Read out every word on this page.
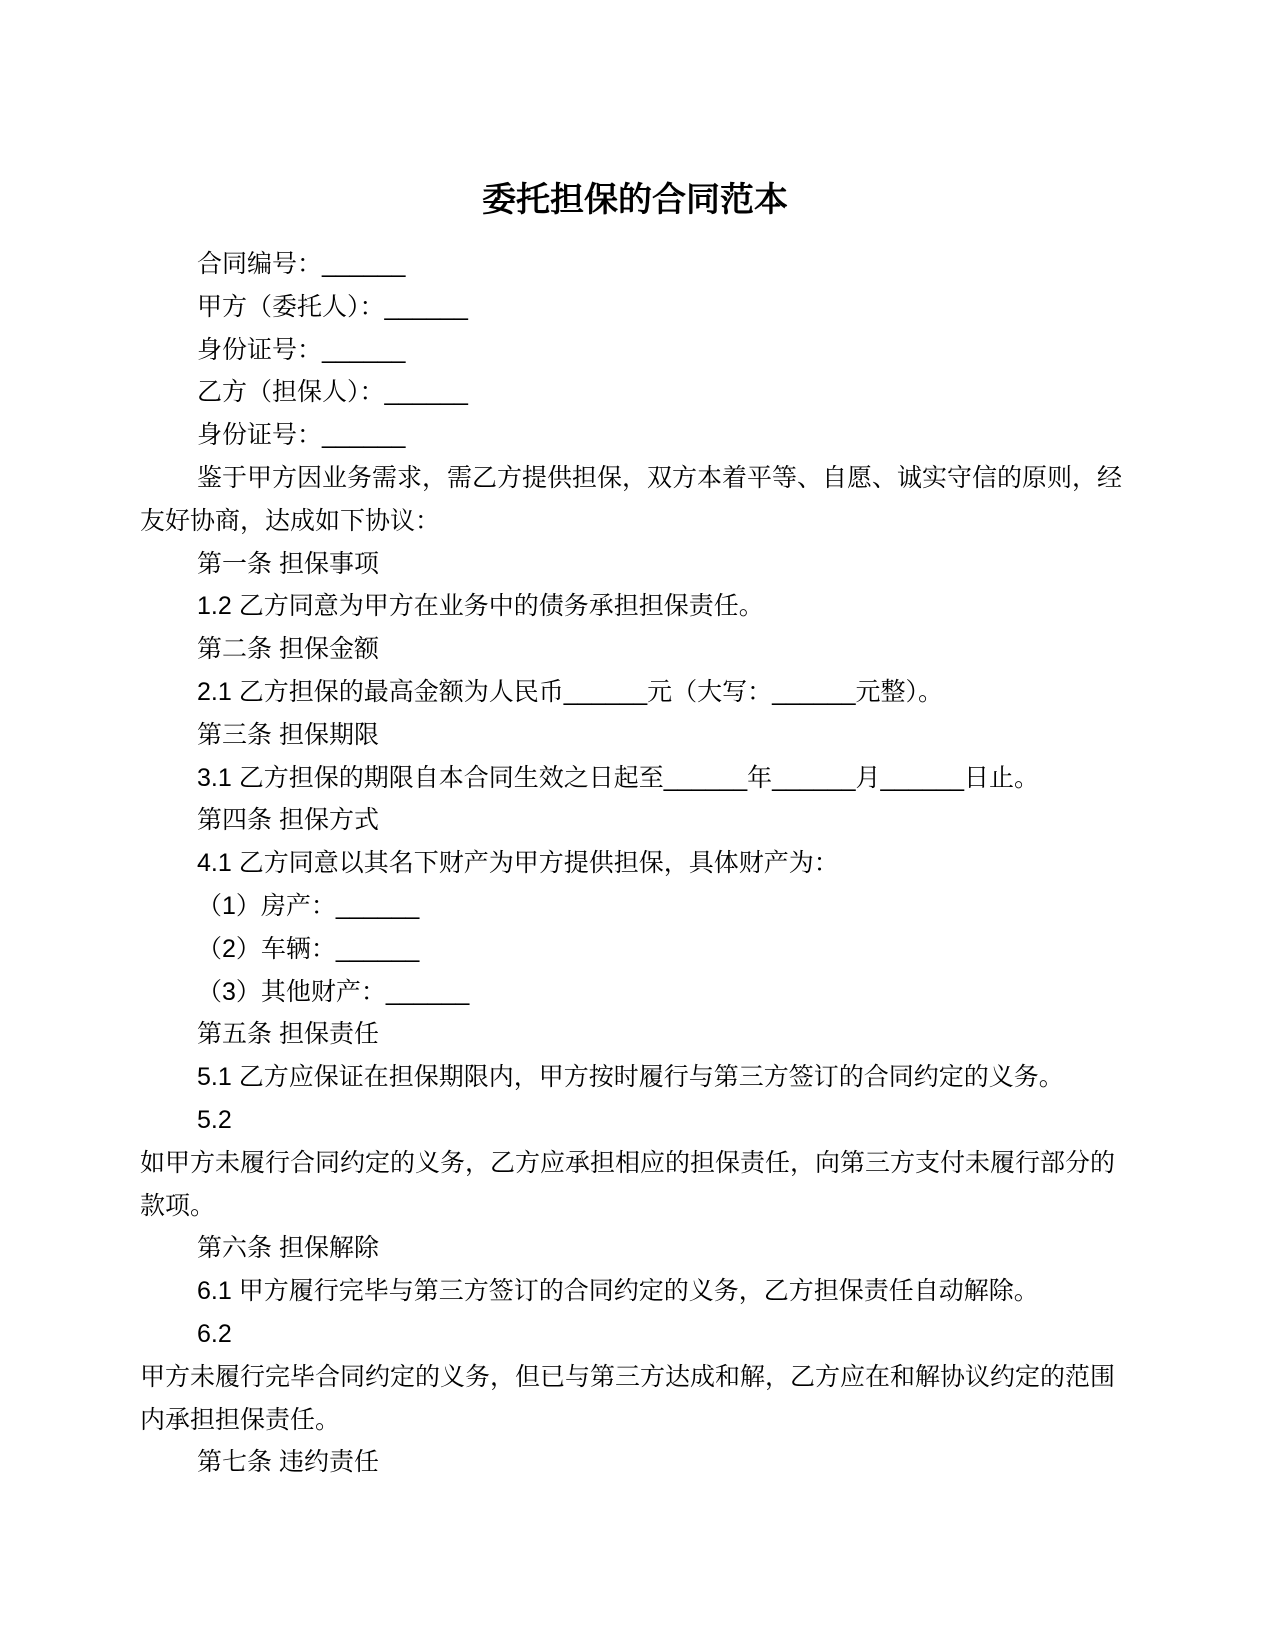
委托担保的合同范本
合同编号：______
甲方（委托人）：______
身份证号：______
乙方（担保人）：______
身份证号：______
鉴于甲方因业务需求，需乙方提供担保，双方本着平等、自愿、诚实守信的原则，经
友好协商，达成如下协议：
第一条 担保事项
1.2 乙方同意为甲方在业务中的债务承担担保责任。
第二条 担保金额
2.1 乙方担保的最高金额为人民币______元（大写：______元整）。
第三条 担保期限
3.1 乙方担保的期限自本合同生效之日起至______年______月______日止。
第四条 担保方式
4.1 乙方同意以其名下财产为甲方提供担保，具体财产为：
（1）房产：______
（2）车辆：______
（3）其他财产：______
第五条 担保责任
5.1 乙方应保证在担保期限内，甲方按时履行与第三方签订的合同约定的义务。
5.2
如甲方未履行合同约定的义务，乙方应承担相应的担保责任，向第三方支付未履行部分的
款项。
第六条 担保解除
6.1 甲方履行完毕与第三方签订的合同约定的义务，乙方担保责任自动解除。
6.2
甲方未履行完毕合同约定的义务，但已与第三方达成和解，乙方应在和解协议约定的范围
内承担担保责任。
第七条 违约责任
